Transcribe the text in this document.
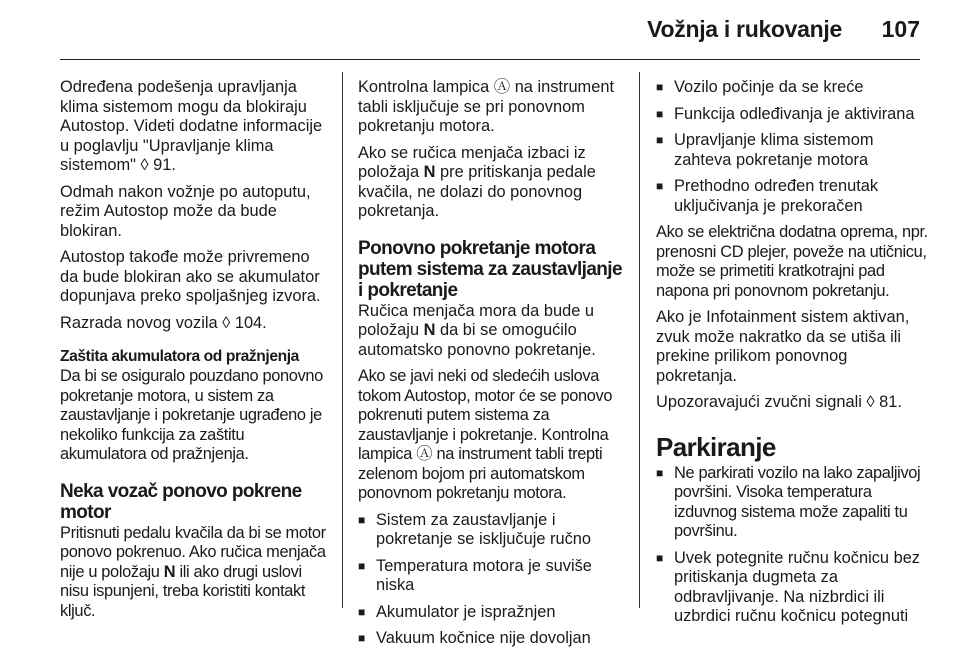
Vožnja i rukovanje 107

Određena podešenja upravljanja klima sistemom mogu da blokiraju Autostop. Videti dodatne informacije u poglavlju "Upravljanje klima sistemom" ◊ 91.

Odmah nakon vožnje po autoputu, režim Autostop može da bude blokiran.

Autostop takođe može privremeno da bude blokiran ako se akumulator dopunjava preko spoljašnjeg izvora.

Razrada novog vozila ◊ 104.

Zaštita akumulatora od pražnjenja

Da bi se osiguralo pouzdano ponovno pokretanje motora, u sistem za zaustavljanje i pokretanje ugrađeno je nekoliko funkcija za zaštitu akumulatora od pražnjenja.

Neka vozač ponovo pokrene motor

Pritisnuti pedalu kvačila da bi se motor ponovo pokrenuo. Ako ručica menjača nije u položaju N ili ako drugi uslovi nisu ispunjeni, treba koristiti kontakt ključ.

Kontrolna lampica Ⓐ na instrument tabli isključuje se pri ponovnom pokretanju motora.

Ako se ručica menjača izbaci iz položaja N pre pritiskanja pedale kvačila, ne dolazi do ponovnog pokretanja.

Ponovno pokretanje motora putem sistema za zaustavljanje i pokretanje

Ručica menjača mora da bude u položaju N da bi se omogućilo automatsko ponovno pokretanje.

Ako se javi neki od sledećih uslova tokom Autostop, motor će se ponovo pokrenuti putem sistema za zaustavljanje i pokretanje. Kontrolna lampica Ⓐ na instrument tabli trepti zelenom bojom pri automatskom ponovnom pokretanju motora.

■ Sistem za zaustavljanje i pokretanje se isključuje ručno
■ Temperatura motora je suviše niska
■ Akumulator je ispražnjen
■ Vakuum kočnice nije dovoljan
■ Vozilo počinje da se kreće
■ Funkcija odleđivanja je aktivirana
■ Upravljanje klima sistemom zahteva pokretanje motora
■ Prethodno određen trenutak uključivanja je prekoračen

Ako se električna dodatna oprema, npr. prenosni CD plejer, poveže na utičnicu, može se primetiti kratkotrajni pad napona pri ponovnom pokretanju.

Ako je Infotainment sistem aktivan, zvuk može nakratko da se utiša ili prekine prilikom ponovnog pokretanja.

Upozoravajući zvučni signali ◊ 81.

Parkiranje
■ Ne parkirati vozilo na lako zapaljivoj površini. Visoka temperatura izduvnog sistema može zapaliti tu površinu.
■ Uvek potegnite ručnu kočnicu bez pritiskanja dugmeta za odbravljivanje. Na nizbrdici ili uzbrdici ručnu kočnicu potegnuti
